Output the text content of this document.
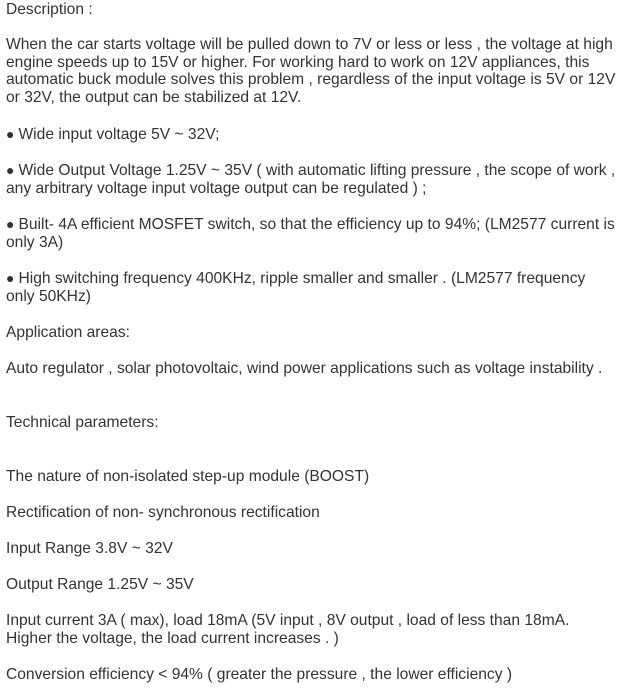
Description :

When the car starts voltage will be pulled down to 7V or less or less , the voltage at high engine speeds up to 15V or higher. For working hard to work on 12V appliances, this automatic buck module solves this problem , regardless of the input voltage is 5V or 12V or 32V, the output can be stabilized at 12V.

● Wide input voltage 5V ~ 32V;

● Wide Output Voltage 1.25V ~ 35V ( with automatic lifting pressure , the scope of work , any arbitrary voltage input voltage output can be regulated ) ;

● Built- 4A efficient MOSFET switch, so that the efficiency up to 94%; (LM2577 current is only 3A)

● High switching frequency 400KHz, ripple smaller and smaller . (LM2577 frequency only 50KHz)

Application areas:

Auto regulator , solar photovoltaic, wind power applications such as voltage instability .

Technical parameters:

The nature of non-isolated step-up module (BOOST)

Rectification of non- synchronous rectification

Input Range 3.8V ~ 32V

Output Range 1.25V ~ 35V

Input current 3A ( max), load 18mA (5V input , 8V output , load of less than 18mA. Higher the voltage, the load current increases . )

Conversion efficiency < 94% ( greater the pressure , the lower efficiency )
